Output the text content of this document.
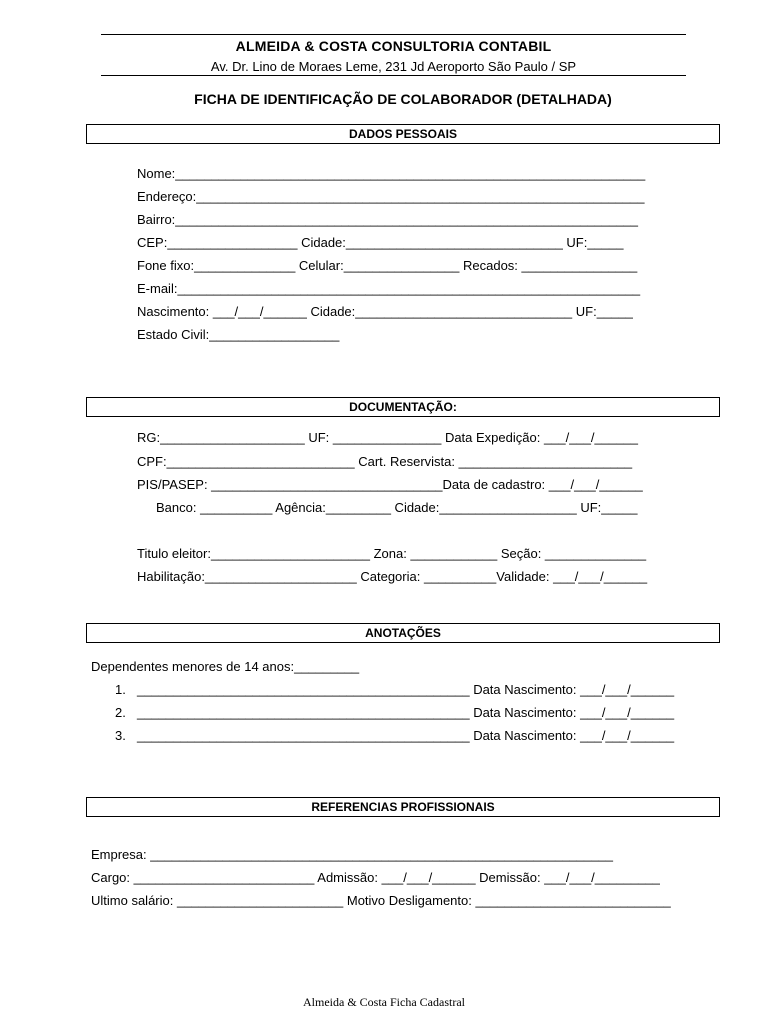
ALMEIDA & COSTA CONSULTORIA CONTABIL
Av. Dr. Lino de Moraes Leme, 231 Jd Aeroporto São Paulo / SP
FICHA DE IDENTIFICAÇÃO DE COLABORADOR (DETALHADA)
DADOS PESSOAIS
Nome:_________________________________________________________________
Endereço:______________________________________________________________
Bairro:________________________________________________________________
CEP:__________________ Cidade:______________________________ UF:_____
Fone fixo:______________ Celular:________________ Recados: ________________
E-mail:________________________________________________________________
Nascimento: ___/___/______ Cidade:______________________________ UF:_____
Estado Civil:__________________
DOCUMENTAÇÃO:
RG:____________________ UF: _______________ Data Expedição: ___/___/______
CPF:__________________________ Cart. Reservista: ________________________
PIS/PASEP: ________________________________Data de cadastro: ___/___/______
Banco: __________ Agência:_________ Cidade:___________________ UF:_____
Titulo eleitor:______________________ Zona: ____________ Seção: ______________
Habilitação:_____________________ Categoria: __________Validade: ___/___/______
ANOTAÇÕES
Dependentes menores de 14 anos:_________
1. ______________________________________________ Data Nascimento: ___/___/______
2. ______________________________________________ Data Nascimento: ___/___/______
3. ______________________________________________ Data Nascimento: ___/___/______
REFERENCIAS PROFISSIONAIS
Empresa: ________________________________________________________________
Cargo: _________________________ Admissão: ___/___/______ Demissão: ___/___/_________
Ultimo salário: _______________________ Motivo Desligamento: ___________________________
Almeida & Costa Ficha Cadastral
